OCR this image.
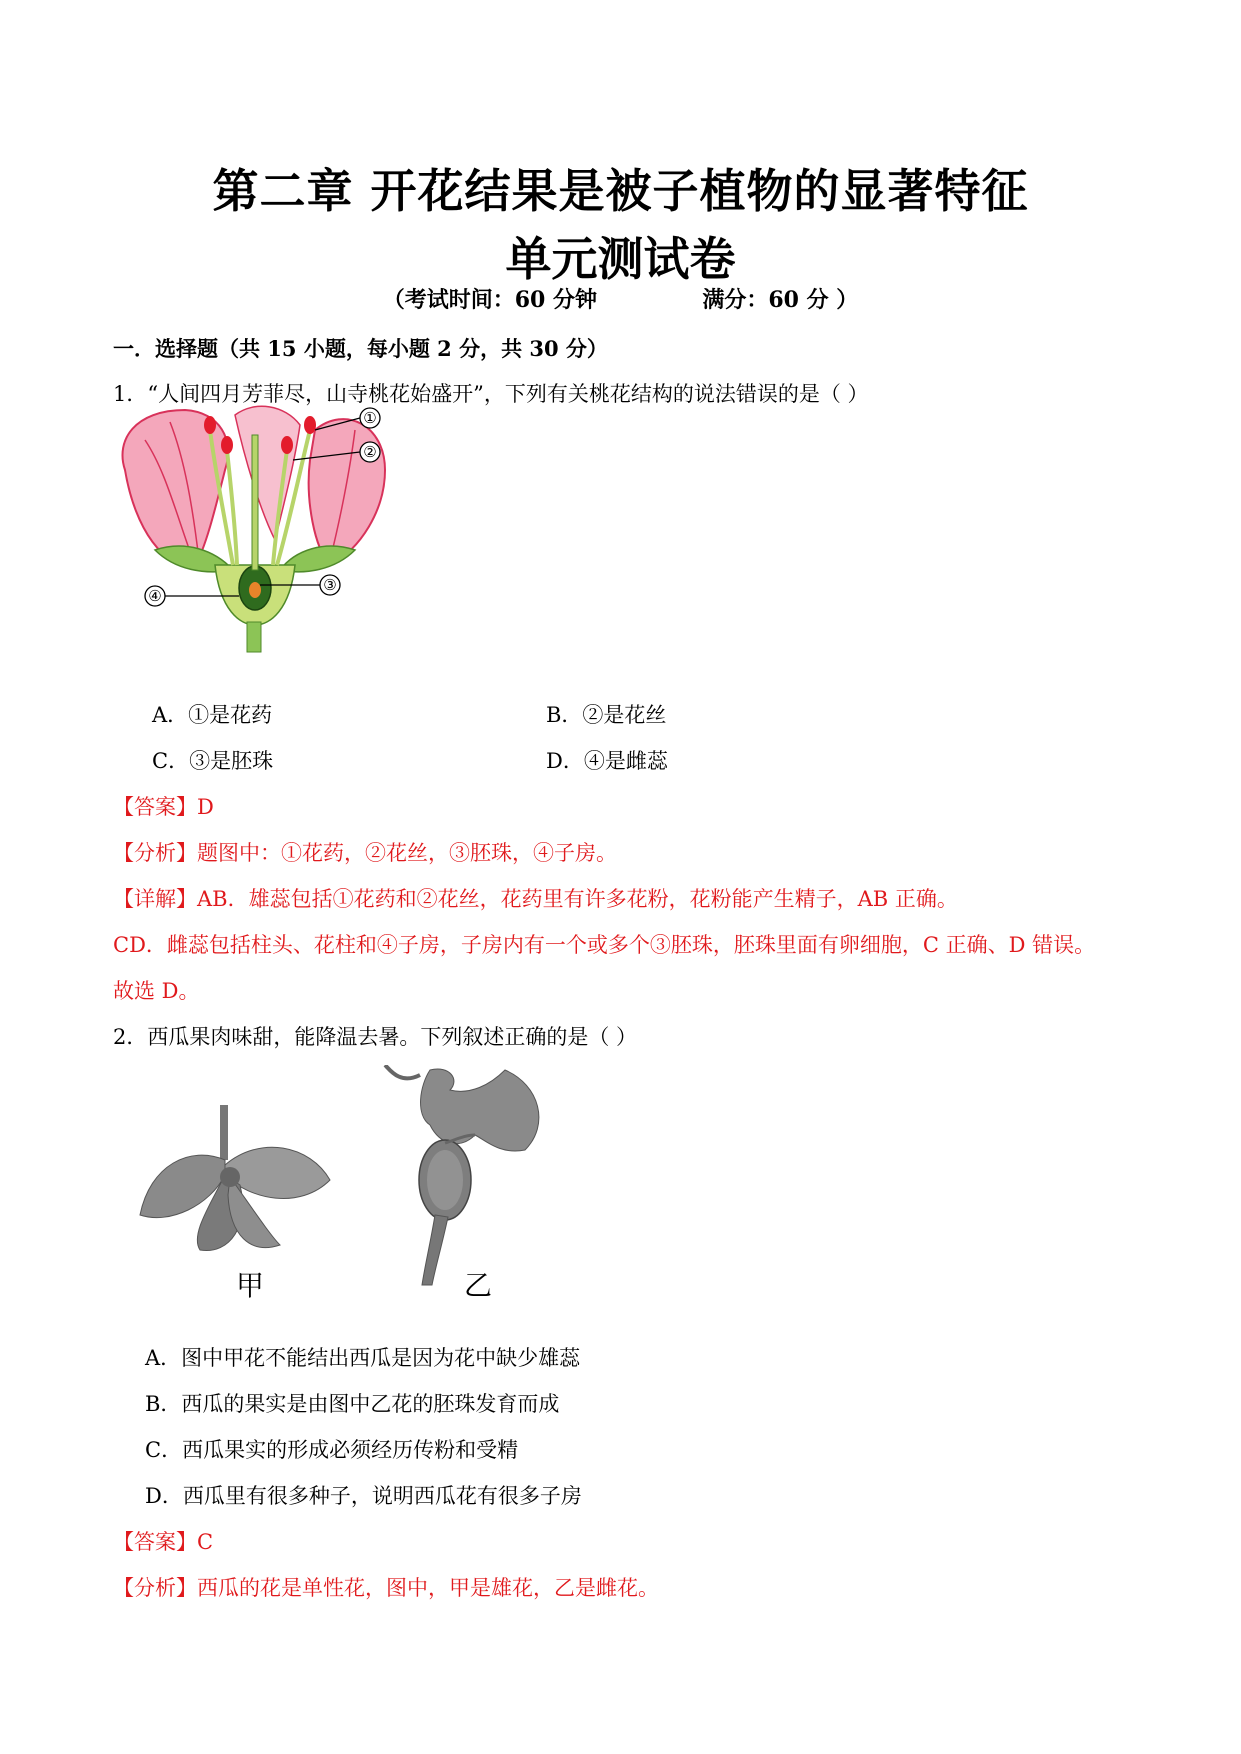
第二章 开花结果是被子植物的显著特征
单元测试卷
（考试时间：60 分钟	满分：60 分 ）
一．选择题（共 15 小题，每小题 2 分，共 30 分）
1．“人间四月芳菲尽，山寺桃花始盛开”，下列有关桃花结构的说法错误的是（ ）
①
②
③
④
A．①是花药	B．②是花丝
C．③是胚珠	D．④是雌蕊
【答案】D
【分析】题图中：①花药，②花丝，③胚珠，④子房。
【详解】AB．雄蕊包括①花药和②花丝，花药里有许多花粉，花粉能产生精子，AB 正确。
CD．雌蕊包括柱头、花柱和④子房，子房内有一个或多个③胚珠，胚珠里面有卵细胞，C 正确、D 错误。
故选 D。
2．西瓜果肉味甜，能降温去暑。下列叙述正确的是（ ）
甲	乙
A．图中甲花不能结出西瓜是因为花中缺少雄蕊
B．西瓜的果实是由图中乙花的胚珠发育而成
C．西瓜果实的形成必须经历传粉和受精
D．西瓜里有很多种子，说明西瓜花有很多子房
【答案】C
【分析】西瓜的花是单性花，图中，甲是雄花，乙是雌花。
